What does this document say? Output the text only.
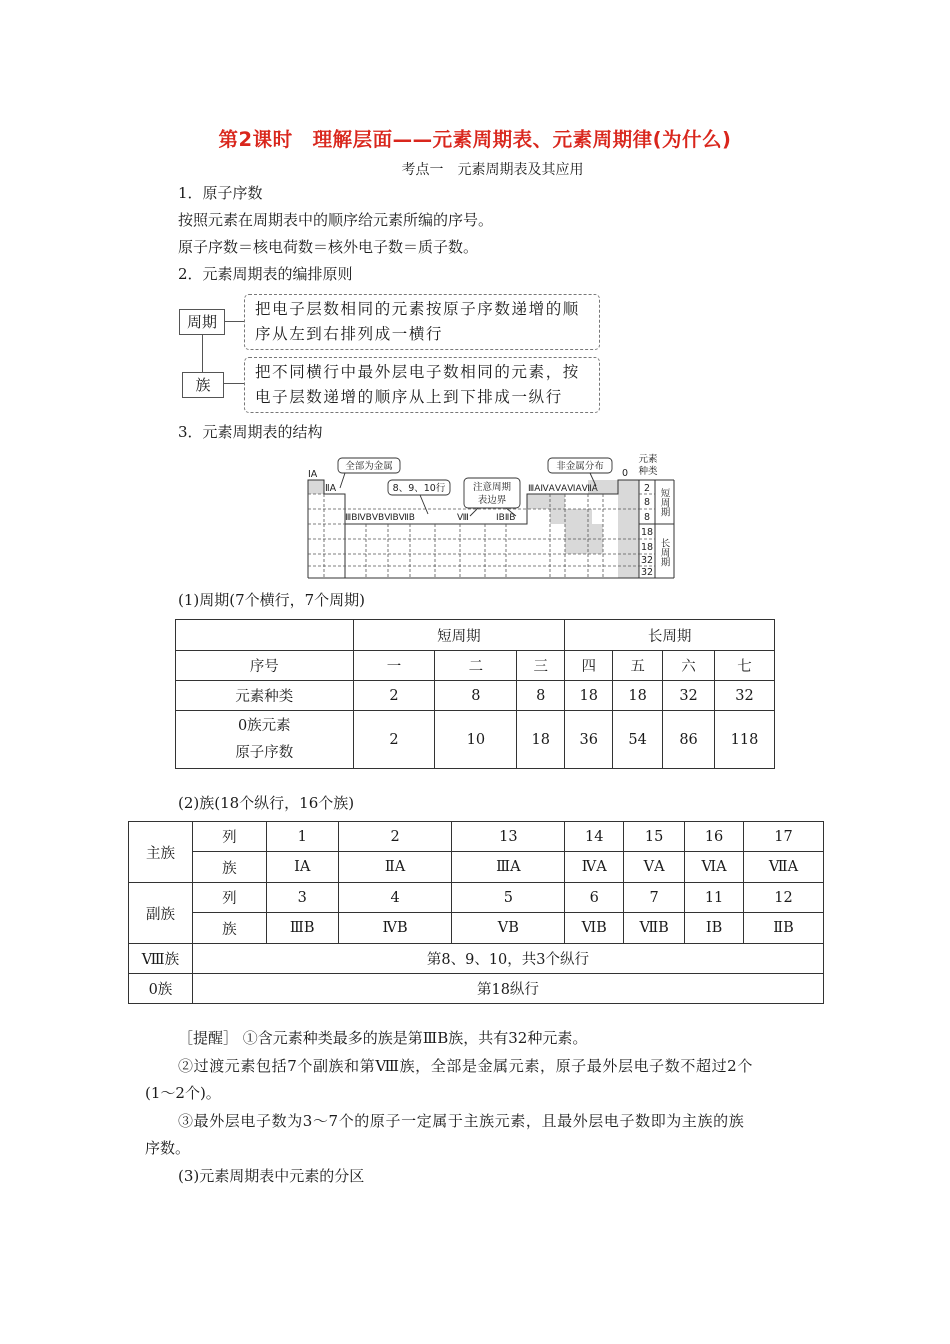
第2课时　理解层面——元素周期表、元素周期律(为什么)
考点一　元素周期表及其应用
1．原子序数
按照元素在周期表中的顺序给元素所编的序号。
原子序数＝核电荷数＝核外电子数＝质子数。
2．元素周期表的编排原则
周期
族
把电子层数相同的元素按原子序数递增的顺序从左到右排列成一横行
把不同横行中最外层电子数相同的元素，按电子层数递增的顺序从上到下排成一纵行
3．元素周期表的结构
ⅠA
ⅡA
全部为金属
8、9、10行	注意周期
表边界
非金属分布
ⅢBⅣBⅤBⅥBⅦB	Ⅷ	ⅠBⅡB
ⅢAⅣAⅤAⅥAⅦA
0
元素
种类
2
8
8
18
18
32
32
短周期
长周期
(1)周期(7个横行，7个周期)
	短周期			长周期			
序号	一	二	三	四	五	六	七
元素种类	2	8	8	18	18	32	32

0族元素
原子序数	2	10	18	36	54	86	118
(2)族(18个纵行，16个族)
主族	列	1	2	13	14	15	16	17
	族	ⅠA	ⅡA	ⅢA	ⅣA	ⅤA	ⅥA	ⅦA
副族	列	3	4	5	6	7	11	12
	族	ⅢB	ⅣB	ⅤB	ⅥB	ⅦB	ⅠB	ⅡB
Ⅷ族	第8、9、10，共3个纵行							
0族	第18纵行							
［提醒］ ①含元素种类最多的族是第ⅢB族，共有32种元素。
②过渡元素包括7个副族和第Ⅷ族，全部是金属元素，原子最外层电子数不超过2个
(1～2个)。
③最外层电子数为3～7个的原子一定属于主族元素，且最外层电子数即为主族的族
序数。
(3)元素周期表中元素的分区
